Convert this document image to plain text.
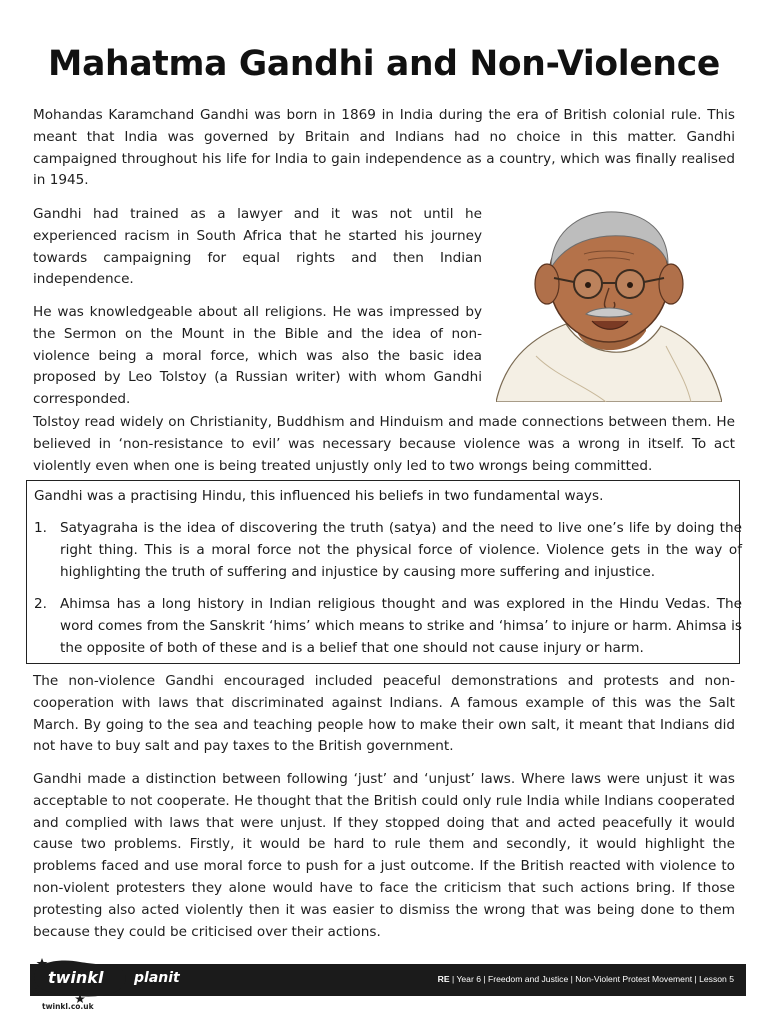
Mahatma Gandhi and Non-Violence

Mohandas Karamchand Gandhi was born in 1869 in India during the era of British colonial rule. This meant that India was governed by Britain and Indians had no choice in this matter. Gandhi campaigned throughout his life for India to gain independence as a country, which was finally realised in 1945.

Gandhi had trained as a lawyer and it was not until he experienced racism in South Africa that he started his journey towards campaigning for equal rights and then Indian independence.

He was knowledgeable about all religions. He was impressed by the Sermon on the Mount in the Bible and the idea of non-violence being a moral force, which was also the basic idea proposed by Leo Tolstoy (a Russian writer) with whom Gandhi corresponded.

Tolstoy read widely on Christianity, Buddhism and Hinduism and made connections between them. He believed in ‘non-resistance to evil’ was necessary because violence was a wrong in itself. To act violently even when one is being treated unjustly only led to two wrongs being committed.

Gandhi was a practising Hindu, this influenced his beliefs in two fundamental ways.

1. Satyagraha is the idea of discovering the truth (satya) and the need to live one’s life by doing the right thing. This is a moral force not the physical force of violence. Violence gets in the way of highlighting the truth of suffering and injustice by causing more suffering and injustice.

2. Ahimsa has a long history in Indian religious thought and was explored in the Hindu Vedas. The word comes from the Sanskrit ‘hims’ which means to strike and ‘himsa’ to injure or harm. Ahimsa is the opposite of both of these and is a belief that one should not cause injury or harm.

The non-violence Gandhi encouraged included peaceful demonstrations and protests and non-cooperation with laws that discriminated against Indians. A famous example of this was the Salt March. By going to the sea and teaching people how to make their own salt, it meant that Indians did not have to buy salt and pay taxes to the British government.

Gandhi made a distinction between following ‘just’ and ‘unjust’ laws. Where laws were unjust it was acceptable to not cooperate. He thought that the British could only rule India while Indians cooperated and complied with laws that were unjust. If they stopped doing that and acted peacefully it would cause two problems. Firstly, it would be hard to rule them and secondly, it would highlight the problems faced and use moral force to push for a just outcome. If the British reacted with violence to non-violent protesters they alone would have to face the criticism that such actions bring. If those protesting also acted violently then it was easier to dismiss the wrong that was being done to them because they could be criticised over their actions.

twinkl planit
twinkl.co.uk
RE | Year 6 | Freedom and Justice | Non-Violent Protest Movement | Lesson 5
